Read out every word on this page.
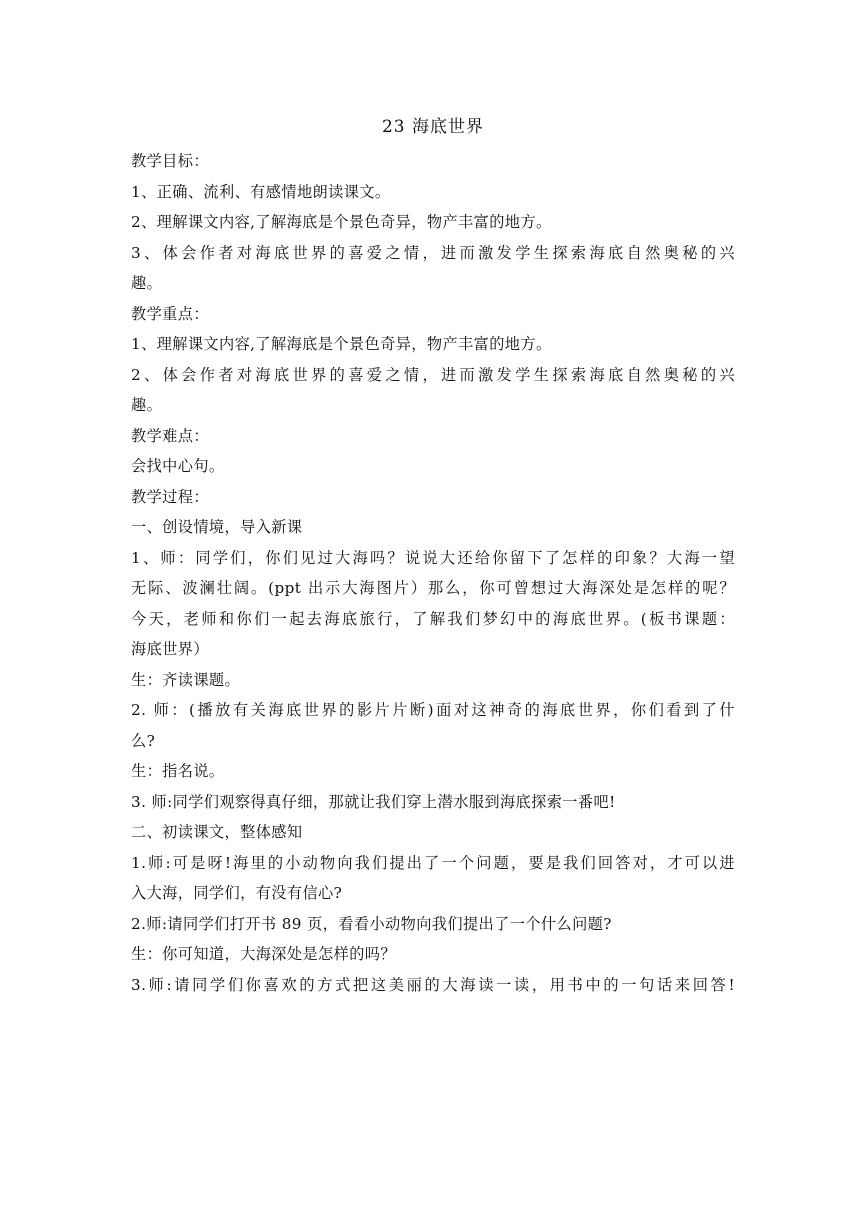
23 海底世界
教学目标：
1、正确、流利、有感情地朗读课文。
2、理解课文内容,了解海底是个景色奇异，物产丰富的地方。
3、体会作者对海底世界的喜爱之情，进而激发学生探索海底自然奥秘的兴
趣。
教学重点：
1、理解课文内容,了解海底是个景色奇异，物产丰富的地方。
2、体会作者对海底世界的喜爱之情，进而激发学生探索海底自然奥秘的兴
趣。
教学难点：
会找中心句。
教学过程：
一、创设情境，导入新课
1、师：同学们，你们见过大海吗？说说大还给你留下了怎样的印象？大海一望
无际、波澜壮阔。(ppt 出示大海图片）那么，你可曾想过大海深处是怎样的呢？
今天，老师和你们一起去海底旅行，了解我们梦幻中的海底世界。(板书课题：
海底世界）
生：齐读课题。
2. 师：(播放有关海底世界的影片片断)面对这神奇的海底世界，你们看到了什
么?
生：指名说。
3. 师:同学们观察得真仔细，那就让我们穿上潜水服到海底探索一番吧!
二、初读课文，整体感知
1.师:可是呀!海里的小动物向我们提出了一个问题，要是我们回答对，才可以进
入大海，同学们，有没有信心?
2.师:请同学们打开书 89 页，看看小动物向我们提出了一个什么问题?
生：你可知道，大海深处是怎样的吗？
3.师:请同学们你喜欢的方式把这美丽的大海读一读，用书中的一句话来回答!
